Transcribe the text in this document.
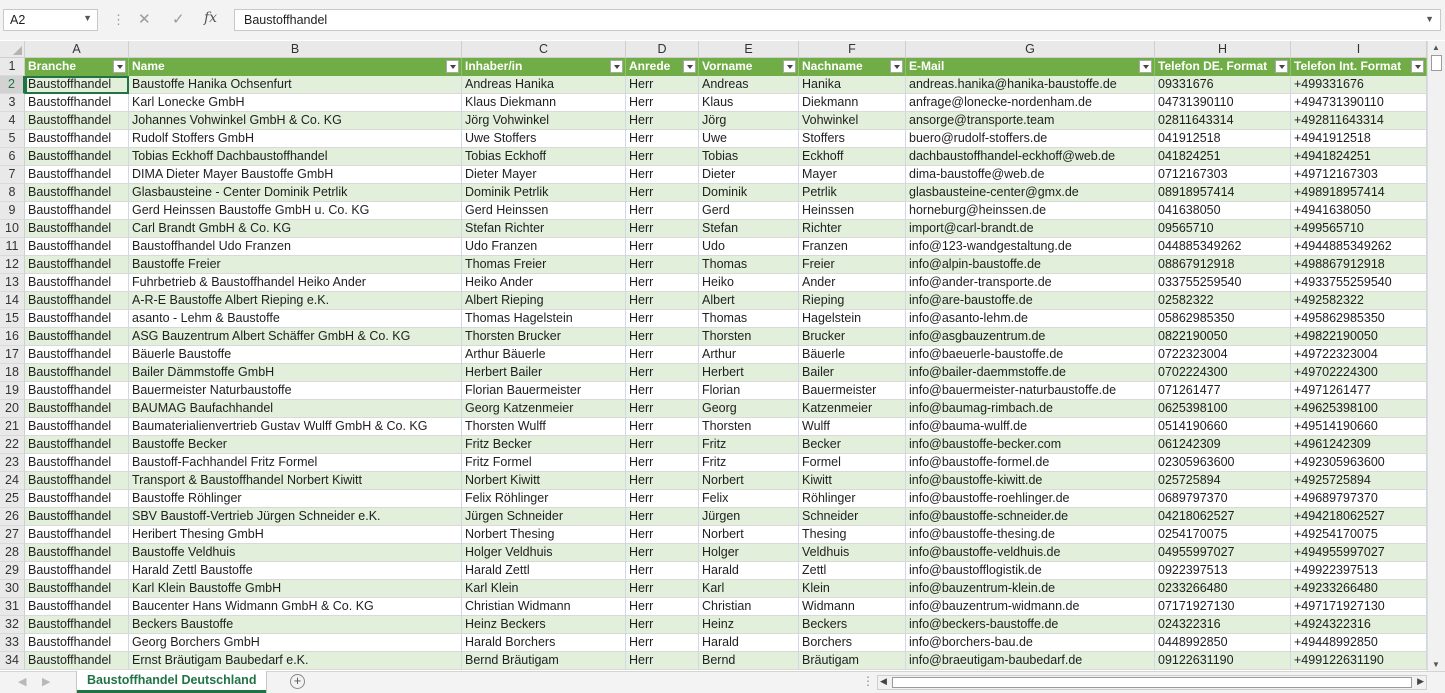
A2	▼ ⋮ ✕ ✓ fx Baustoffhandel	▼
A	B	C	D	E	F	G	H	I
1
2
3
4
5
6
7
8
9
10
11
12
13
14
15
16
17
18
19
20
21
22
23
24
25
26
27
28
29
30
31
32
33
34
Branche	Name	Inhaber/in	Anrede	Vorname	Nachname	E-Mail	Telefon DE. Format	Telefon Int. Format
Baustoffhandel	Baustoffe Hanika Ochsenfurt	Andreas Hanika	Herr	Andreas	Hanika	andreas.hanika@hanika-baustoffe.de	09331676	+499331676
Baustoffhandel	Karl Lonecke GmbH	Klaus Diekmann	Herr	Klaus	Diekmann	anfrage@lonecke-nordenham.de	04731390110	+494731390110
Baustoffhandel	Johannes Vohwinkel GmbH & Co. KG	Jörg Vohwinkel	Herr	Jörg	Vohwinkel	ansorge@transporte.team	02811643314	+492811643314
Baustoffhandel	Rudolf Stoffers GmbH	Uwe Stoffers	Herr	Uwe	Stoffers	buero@rudolf-stoffers.de	041912518	+4941912518
Baustoffhandel	Tobias Eckhoff Dachbaustoffhandel	Tobias Eckhoff	Herr	Tobias	Eckhoff	dachbaustoffhandel-eckhoff@web.de	041824251	+4941824251
Baustoffhandel	DIMA Dieter Mayer Baustoffe GmbH	Dieter Mayer	Herr	Dieter	Mayer	dima-baustoffe@web.de	0712167303	+49712167303
Baustoffhandel	Glasbausteine - Center Dominik Petrlik	Dominik Petrlik	Herr	Dominik	Petrlik	glasbausteine-center@gmx.de	08918957414	+498918957414
Baustoffhandel	Gerd Heinssen Baustoffe GmbH u. Co. KG	Gerd Heinssen	Herr	Gerd	Heinssen	horneburg@heinssen.de	041638050	+4941638050
Baustoffhandel	Carl Brandt GmbH & Co. KG	Stefan Richter	Herr	Stefan	Richter	import@carl-brandt.de	09565710	+499565710
Baustoffhandel	Baustoffhandel Udo Franzen	Udo Franzen	Herr	Udo	Franzen	info@123-wandgestaltung.de	044885349262	+4944885349262
Baustoffhandel	Baustoffe Freier	Thomas Freier	Herr	Thomas	Freier	info@alpin-baustoffe.de	08867912918	+498867912918
Baustoffhandel	Fuhrbetrieb & Baustoffhandel Heiko Ander	Heiko Ander	Herr	Heiko	Ander	info@ander-transporte.de	033755259540	+4933755259540
Baustoffhandel	A-R-E Baustoffe Albert Rieping e.K.	Albert Rieping	Herr	Albert	Rieping	info@are-baustoffe.de	02582322	+492582322
Baustoffhandel	asanto - Lehm & Baustoffe	Thomas Hagelstein	Herr	Thomas	Hagelstein	info@asanto-lehm.de	05862985350	+495862985350
Baustoffhandel	ASG Bauzentrum Albert Schäffer GmbH & Co. KG	Thorsten Brucker	Herr	Thorsten	Brucker	info@asgbauzentrum.de	0822190050	+49822190050
Baustoffhandel	Bäuerle Baustoffe	Arthur Bäuerle	Herr	Arthur	Bäuerle	info@baeuerle-baustoffe.de	0722323004	+49722323004
Baustoffhandel	Bailer Dämmstoffe GmbH	Herbert Bailer	Herr	Herbert	Bailer	info@bailer-daemmstoffe.de	0702224300	+49702224300
Baustoffhandel	Bauermeister Naturbaustoffe	Florian Bauermeister	Herr	Florian	Bauermeister	info@bauermeister-naturbaustoffe.de	071261477	+4971261477
Baustoffhandel	BAUMAG Baufachhandel	Georg Katzenmeier	Herr	Georg	Katzenmeier	info@baumag-rimbach.de	0625398100	+49625398100
Baustoffhandel	Baumaterialienvertrieb Gustav Wulff GmbH & Co. KG	Thorsten Wulff	Herr	Thorsten	Wulff	info@bauma-wulff.de	0514190660	+49514190660
Baustoffhandel	Baustoffe Becker	Fritz Becker	Herr	Fritz	Becker	info@baustoffe-becker.com	061242309	+4961242309
Baustoffhandel	Baustoff-Fachhandel Fritz Formel	Fritz Formel	Herr	Fritz	Formel	info@baustoffe-formel.de	02305963600	+492305963600
Baustoffhandel	Transport & Baustoffhandel Norbert Kiwitt	Norbert Kiwitt	Herr	Norbert	Kiwitt	info@baustoffe-kiwitt.de	025725894	+4925725894
Baustoffhandel	Baustoffe Röhlinger	Felix Röhlinger	Herr	Felix	Röhlinger	info@baustoffe-roehlinger.de	0689797370	+49689797370
Baustoffhandel	SBV Baustoff-Vertrieb Jürgen Schneider e.K.	Jürgen Schneider	Herr	Jürgen	Schneider	info@baustoffe-schneider.de	04218062527	+494218062527
Baustoffhandel	Heribert Thesing GmbH	Norbert Thesing	Herr	Norbert	Thesing	info@baustoffe-thesing.de	0254170075	+49254170075
Baustoffhandel	Baustoffe Veldhuis	Holger Veldhuis	Herr	Holger	Veldhuis	info@baustoffe-veldhuis.de	04955997027	+494955997027
Baustoffhandel	Harald Zettl Baustoffe	Harald Zettl	Herr	Harald	Zettl	info@baustofflogistik.de	0922397513	+49922397513
Baustoffhandel	Karl Klein Baustoffe GmbH	Karl Klein	Herr	Karl	Klein	info@bauzentrum-klein.de	0233266480	+49233266480
Baustoffhandel	Baucenter Hans Widmann GmbH & Co. KG	Christian Widmann	Herr	Christian	Widmann	info@bauzentrum-widmann.de	07171927130	+497171927130
Baustoffhandel	Beckers Baustoffe	Heinz Beckers	Herr	Heinz	Beckers	info@beckers-baustoffe.de	024322316	+4924322316
Baustoffhandel	Georg Borchers GmbH	Harald Borchers	Herr	Harald	Borchers	info@borchers-bau.de	0448992850	+49448992850
Baustoffhandel	Ernst Bräutigam Baubedarf e.K.	Bernd Bräutigam	Herr	Bernd	Bräutigam	info@braeutigam-baubedarf.de	09122631190	+499122631190
▲
▼
◀ ▶	Baustoffhandel Deutschland	+	⋮ ◀	▶
